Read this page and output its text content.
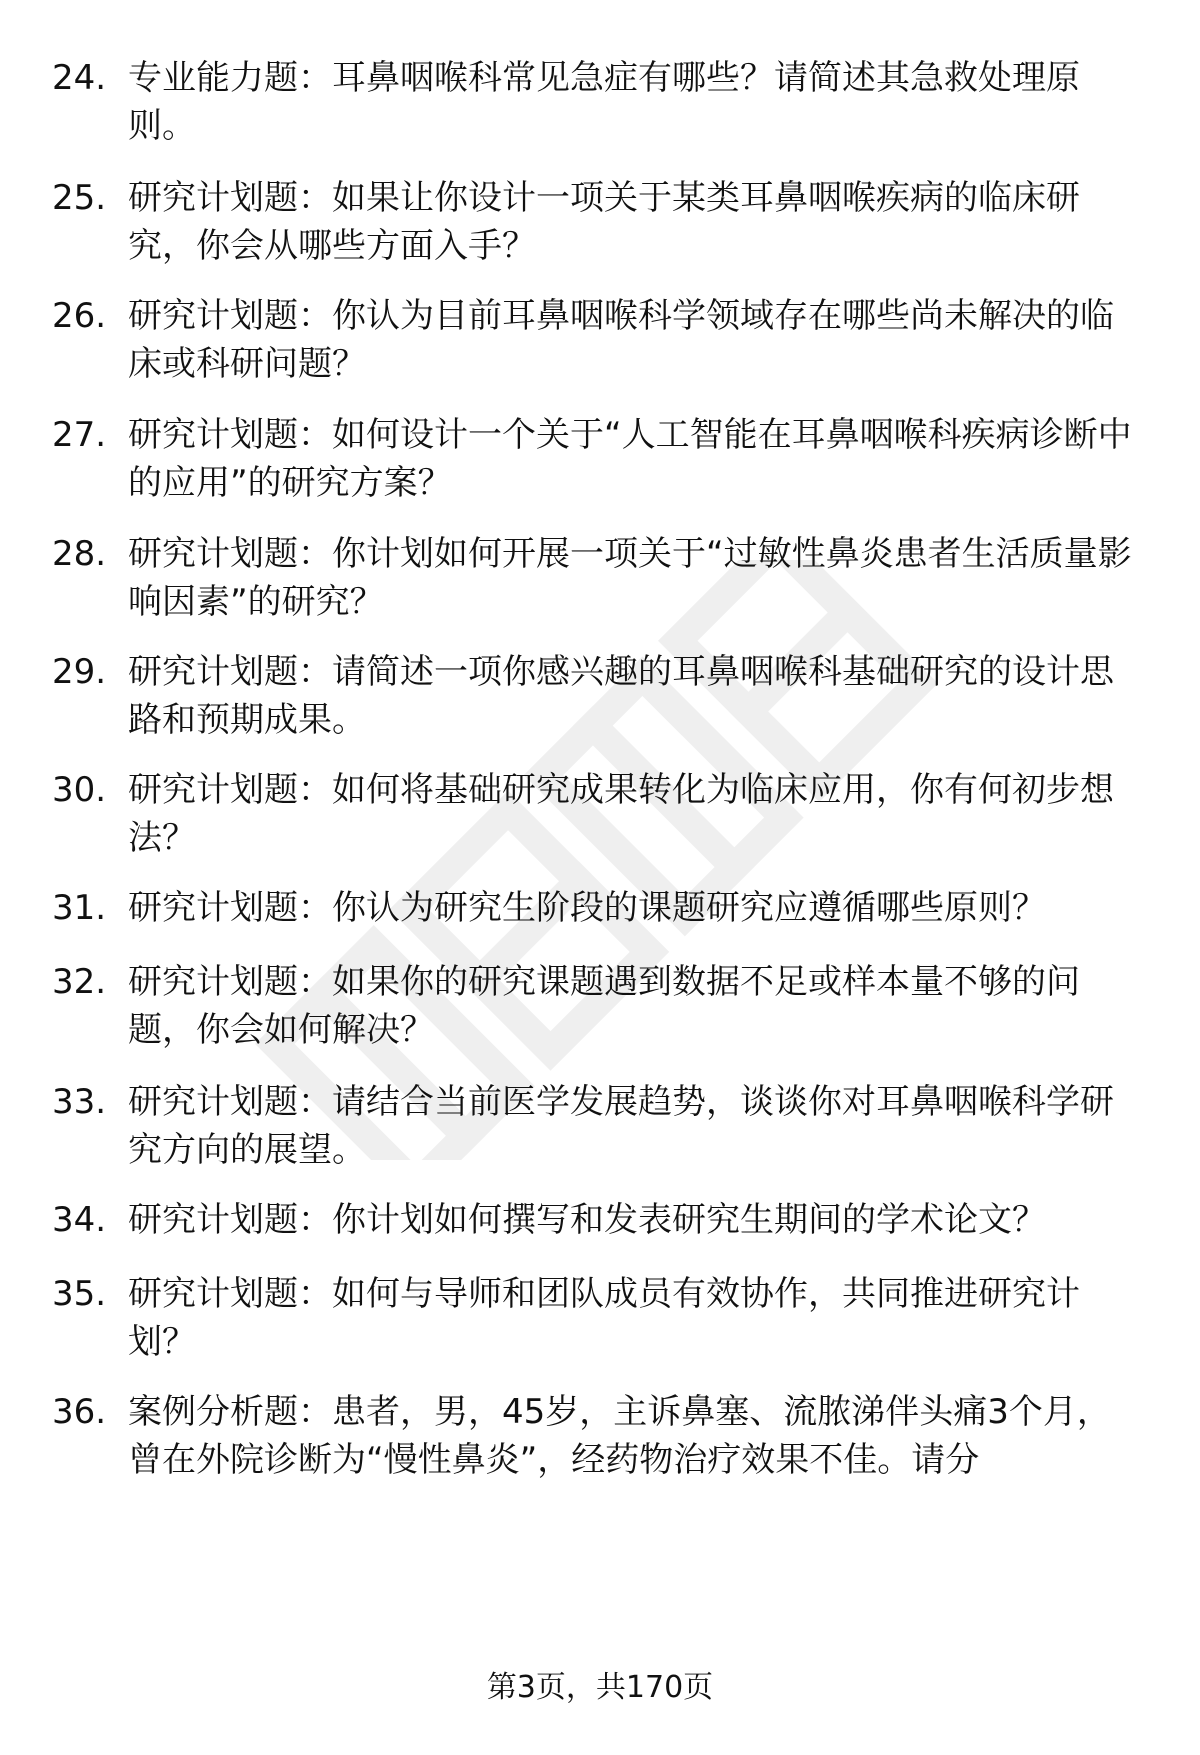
24. 专业能力题：耳鼻咽喉科常见急症有哪些？请简述其急救处理原则。
25. 研究计划题：如果让你设计一项关于某类耳鼻咽喉疾病的临床研究，你会从哪些方面入手？
26. 研究计划题：你认为目前耳鼻咽喉科学领域存在哪些尚未解决的临床或科研问题？
27. 研究计划题：如何设计一个关于“人工智能在耳鼻咽喉科疾病诊断中的应用”的研究方案？
28. 研究计划题：你计划如何开展一项关于“过敏性鼻炎患者生活质量影响因素”的研究？
29. 研究计划题：请简述一项你感兴趣的耳鼻咽喉科基础研究的设计思路和预期成果。
30. 研究计划题：如何将基础研究成果转化为临床应用，你有何初步想法？
31. 研究计划题：你认为研究生阶段的课题研究应遵循哪些原则？
32. 研究计划题：如果你的研究课题遇到数据不足或样本量不够的问题，你会如何解决？
33. 研究计划题：请结合当前医学发展趋势，谈谈你对耳鼻咽喉科学研究方向的展望。
34. 研究计划题：你计划如何撰写和发表研究生期间的学术论文？
35. 研究计划题：如何与导师和团队成员有效协作，共同推进研究计划？
36. 案例分析题：患者，男，45岁，主诉鼻塞、流脓涕伴头痛3个月，曾在外院诊断为“慢性鼻炎”，经药物治疗效果不佳。请分
第3页，共170页
